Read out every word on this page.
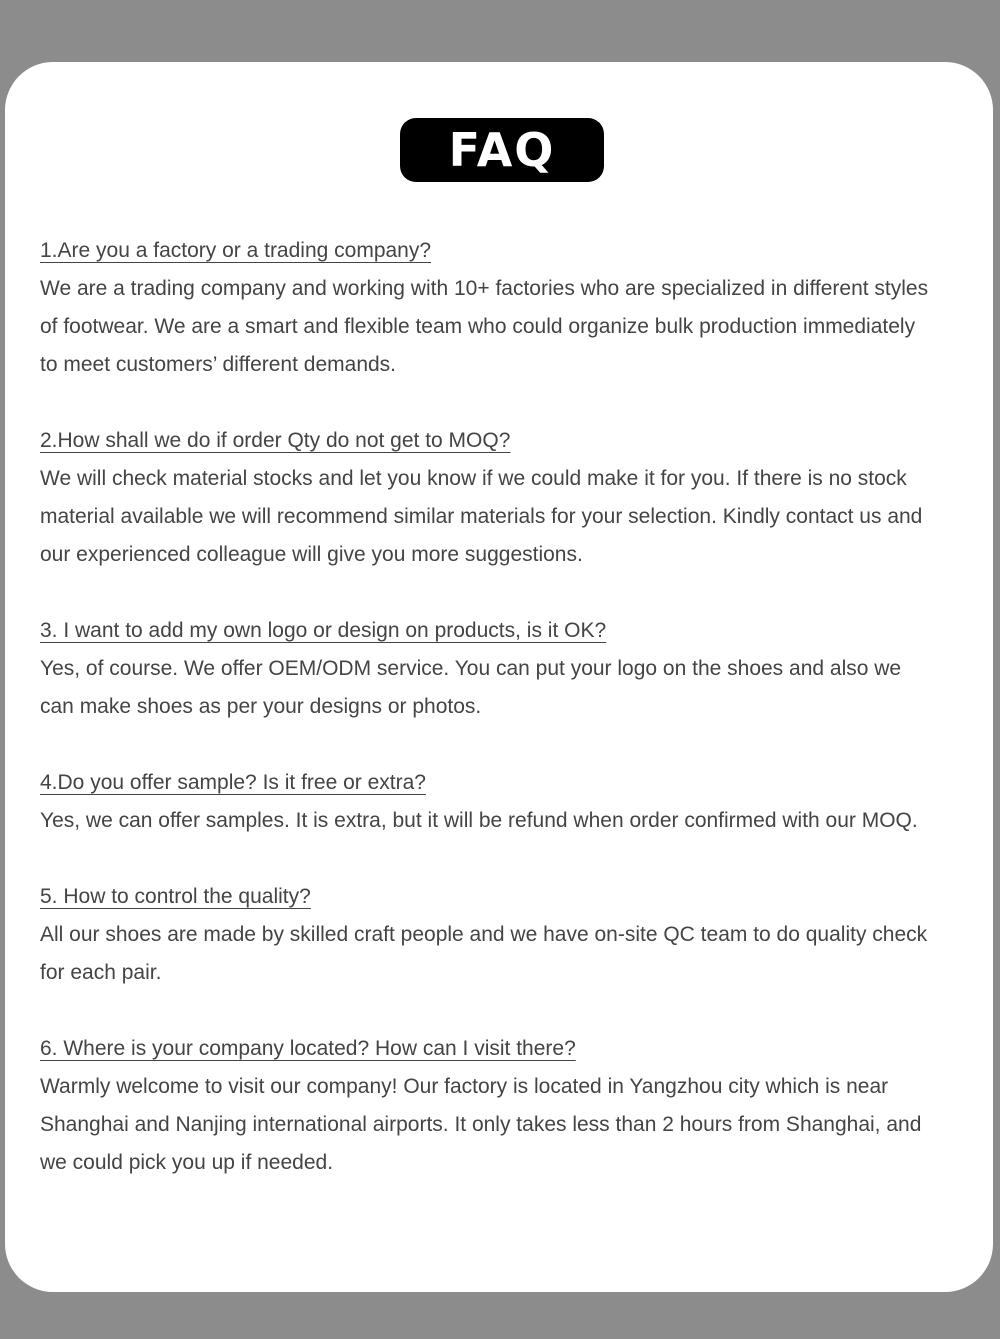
FAQ

1.Are you a factory or a trading company?

We are a trading company and working with 10+ factories who are specialized in different styles
of footwear. We are a smart and flexible team who could organize bulk production immediately
to meet customers’ different demands.

2.How shall we do if order Qty do not get to MOQ?

We will check material stocks and let you know if we could make it for you. If there is no stock
material available we will recommend similar materials for your selection. Kindly contact us and
our experienced colleague will give you more suggestions.

3. I want to add my own logo or design on products, is it OK?

Yes, of course. We offer OEM/ODM service. You can put your logo on the shoes and also we
can make shoes as per your designs or photos.

4.Do you offer sample? Is it free or extra?

Yes, we can offer samples. It is extra, but it will be refund when order confirmed with our MOQ.

5. How to control the quality?

All our shoes are made by skilled craft people and we have on-site QC team to do quality check
for each pair.

6. Where is your company located? How can I visit there?

Warmly welcome to visit our company! Our factory is located in Yangzhou city which is near
Shanghai and Nanjing international airports. It only takes less than 2 hours from Shanghai, and
we could pick you up if needed.
